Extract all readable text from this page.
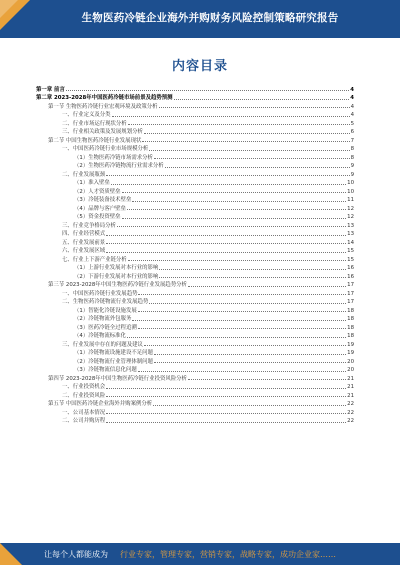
生物医药冷链企业海外并购财务风险控制策略研究报告
内容目录
第一章 前言	4
第二章 2023-2028年中国医药冷链市场前景及趋势预测	4
第一节 生物医药冷链行业宏观环境及政策分析	4
一、行业定义及分类	4
二、行业市场运行现状分析	5
三、行业相关政策及发展规划分析	6
第二节 中国生物医药冷链行业发展现状	7
一、中国医药冷链行业市场规模分析	8
（1）生物医药冷链市场需求分析	8
（2）生物医药冷链物流行业需求分析	9
二、行业发展瓶颈	9
（1）准入壁垒	10
（2）人才资质壁垒	10
（3）冷链装备技术壁垒	11
（4）品牌与客户壁垒	12
（5）资金投资壁垒	12
三、行业竞争格局分析	13
四、行业经营模式	13
五、行业发展前景	14
六、行业发展区域	15
七、行业上下游产业链分析	15
（1）上游行业发展对本行业的影响	16
（2）下游行业发展对本行业的影响	16
第三节 2023-2028年中国生物医药冷链行业发展趋势分析	17
一、中国医药冷链行业发展趋势	17
二、生物医药冷链物流行业发展趋势	17
（1）智能化冷链设施发展	18
（2）冷链物流外包服务	18
（3）医药冷链全过程追溯	18
（4）冷链物流标准化	18
三、行业发展中存在的问题及建议	19
（1）冷链物流设施建设不足问题	19
（2）冷链物流行业管理体制问题	20
（3）冷链物流信息化问题	20
第四节 2023-2028年中国生物医药冷链行业投资风险分析	21
一、行业投资机会	21
二、行业投资风险	21
第五节 中国医药冷链企业海外并购案例分析	22
一、公司基本情况	22
二、公司并购历程	22
让每个人都能成为 行业专家，管理专家，营销专家，战略专家，成功企业家……
